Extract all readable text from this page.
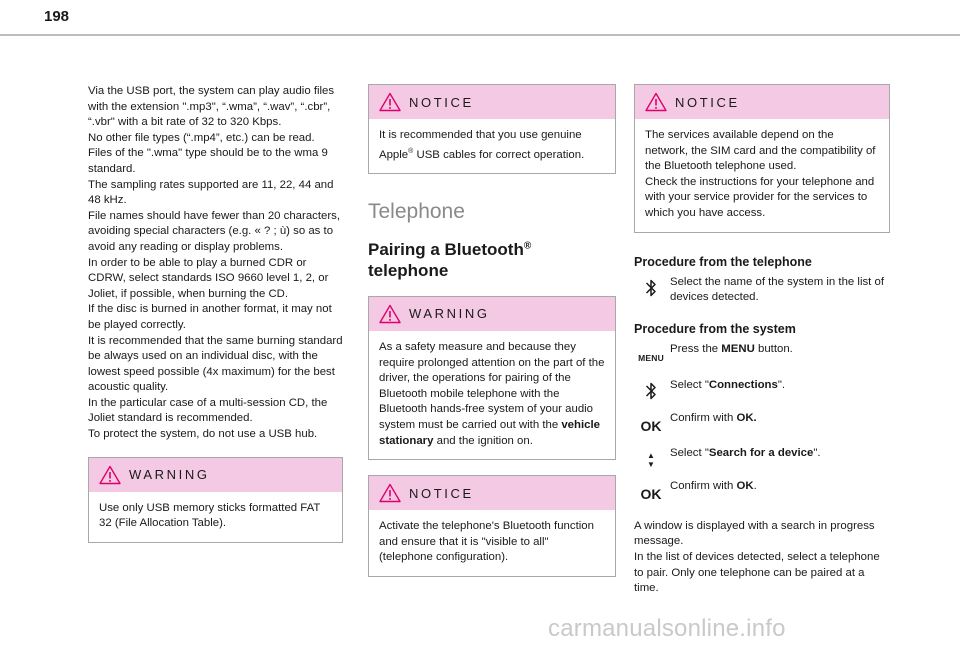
198
Via the USB port, the system can play audio files with the extension ".mp3", “.wma”, “.wav”, “.cbr”, “.vbr" with a bit rate of 32 to 320 Kbps.
No other file types (“.mp4”, etc.) can be read.
Files of the ".wma" type should be to the wma 9 standard.
The sampling rates supported are 11, 22, 44 and 48 kHz.
File names should have fewer than 20 characters, avoiding special characters (e.g. « ? ; ù) so as to avoid any reading or display problems.
In order to be able to play a burned CDR or CDRW, select standards ISO 9660 level 1, 2, or Joliet, if possible, when burning the CD.
If the disc is burned in another format, it may not be played correctly.
It is recommended that the same burning standard be always used on an individual disc, with the lowest speed possible (4x maximum) for the best acoustic quality.
In the particular case of a multi-session CD, the Joliet standard is recommended.
To protect the system, do not use a USB hub.
WARNING
Use only USB memory sticks formatted FAT 32 (File Allocation Table).
NOTICE
It is recommended that you use genuine Apple® USB cables for correct operation.
Telephone
Pairing a Bluetooth®
telephone
WARNING
As a safety measure and because they require prolonged attention on the part of the driver, the operations for pairing of the Bluetooth mobile telephone with the Bluetooth hands-free system of your audio system must be carried out with the vehicle stationary and the ignition on.
NOTICE
Activate the telephone's Bluetooth function and ensure that it is "visible to all" (telephone configuration).
NOTICE
The services available depend on the network, the SIM card and the compatibility of the Bluetooth telephone used.
Check the instructions for your telephone and with your service provider for the services to which you have access.
Procedure from the telephone
Select the name of the system in the list of devices detected.
Procedure from the system
MENU
Press the MENU button.
Select "Connections".
OK Confirm with OK.
▲
▼
Select "Search for a device".
OK Confirm with OK.
A window is displayed with a search in progress message.
In the list of devices detected, select a telephone to pair. Only one telephone can be paired at a time.
carmanualsonline.info
